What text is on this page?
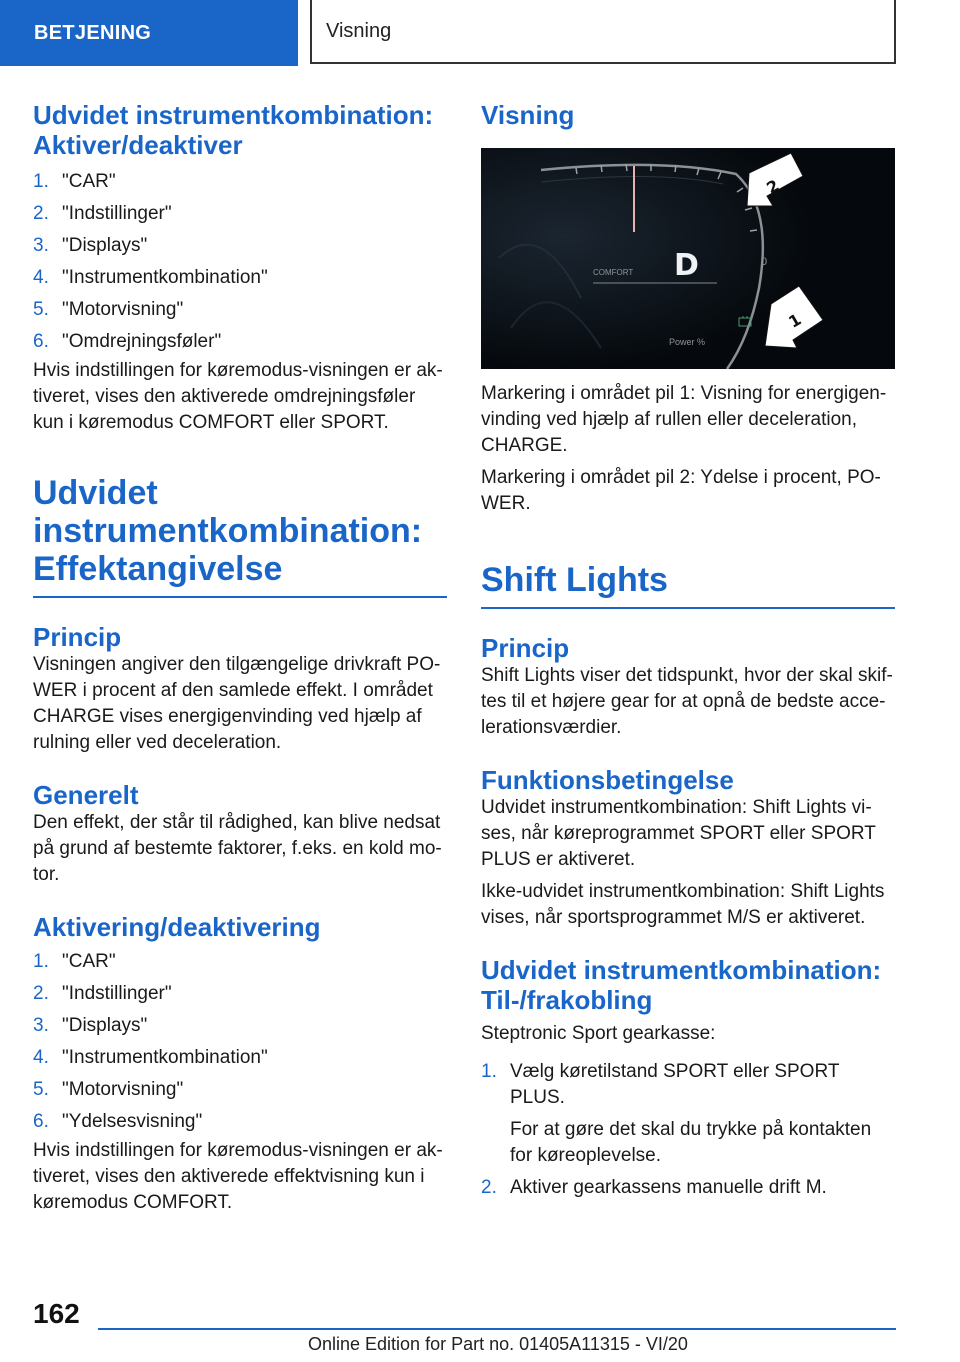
BETJENING	Visning
Udvidet instrumentkombination: Aktiver/deaktiver
1. "CAR"
2. "Indstillinger"
3. "Displays"
4. "Instrumentkombination"
5. "Motorvisning"
6. "Omdrejningsføler"

Hvis indstillingen for køremodus-visningen er ak-tiveret, vises den aktiverede omdrejningsføler kun i køremodus COMFORT eller SPORT.

Udvidet instrumentkombination: Effektangivelse
Princip

Visningen angiver den tilgængelige drivkraft PO-WER i procent af den samlede effekt. I området CHARGE vises energigenvinding ved hjælp af rulning eller ved deceleration.

Generelt

Den effekt, der står til rådighed, kan blive nedsat på grund af bestemte faktorer, f.eks. en kold mo-tor.

Aktivering/deaktivering
1. "CAR"
2. "Indstillinger"
3. "Displays"
4. "Instrumentkombination"
5. "Motorvisning"
6. "Ydelsesvisning"

Hvis indstillingen for køremodus-visningen er ak-tiveret, vises den aktiverede effektvisning kun i køremodus COMFORT.

Visning
COMFORT D	0
Power %
2
1

Markering i området pil 1: Visning for energigen-vinding ved hjælp af rullen eller deceleration, CHARGE.

Markering i området pil 2: Ydelse i procent, PO-WER.

Shift Lights
Princip

Shift Lights viser det tidspunkt, hvor der skal skif-tes til et højere gear for at opnå de bedste acce-lerationsværdier.

Funktionsbetingelse

Udvidet instrumentkombination: Shift Lights vi-ses, når køreprogrammet SPORT eller SPORT PLUS er aktiveret.

Ikke-udvidet instrumentkombination: Shift Lights vises, når sportsprogrammet M/S er aktiveret.

Udvidet instrumentkombination: Til-/frakobling

Steptronic Sport gearkasse:

1. Vælg køretilstand SPORT eller SPORT PLUS.

For at gøre det skal du trykke på kontakten for køreoplevelse.

2. Aktiver gearkassens manuelle drift M.
162
Online Edition for Part no. 01405A11315 - VI/20
